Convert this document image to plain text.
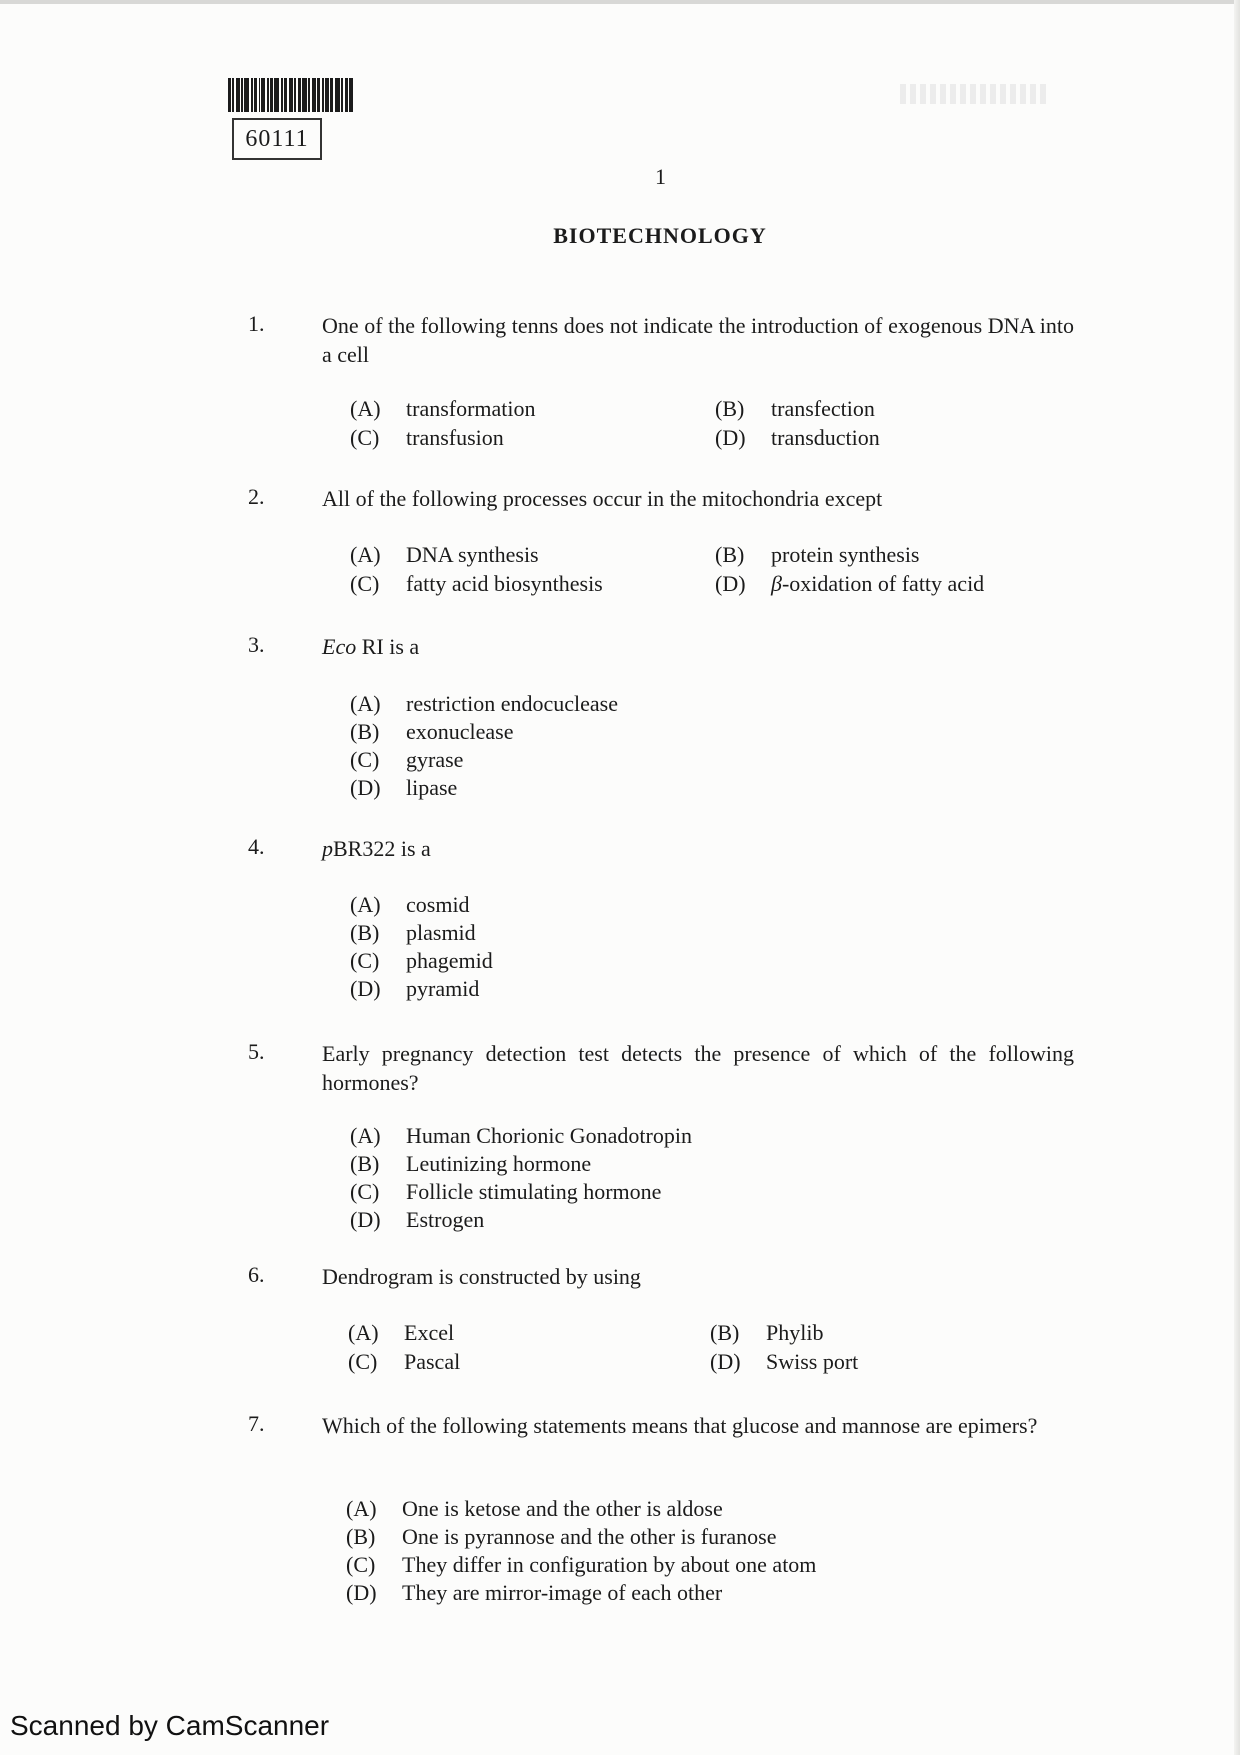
60111
1
BIOTECHNOLOGY
1.	One of the following tenns does not indicate the introduction of exogenous DNA into a cell
(A) transformation	(B) transfection
(C) transfusion	(D) transduction
2.	All of the following processes occur in the mitochondria except
(A) DNA synthesis	(B) protein synthesis
(C) fatty acid biosynthesis	(D) β-oxidation of fatty acid
3.	Eco RI is a
(A) restriction endocuclease
(B) exonuclease
(C) gyrase
(D) lipase
4.	pBR322 is a
(A) cosmid
(B) plasmid
(C) phagemid
(D) pyramid
5.	Early pregnancy detection test detects the presence of which of the following hormones?
(A) Human Chorionic Gonadotropin
(B) Leutinizing hormone
(C) Follicle stimulating hormone
(D) Estrogen
6.	Dendrogram is constructed by using
(A) Excel	(B) Phylib
(C) Pascal	(D) Swiss port
7.	Which of the following statements means that glucose and mannose are epimers?
(A) One is ketose and the other is aldose
(B) One is pyrannose and the other is furanose
(C) They differ in configuration by about one atom
(D) They are mirror-image of each other
Scanned by CamScanner
